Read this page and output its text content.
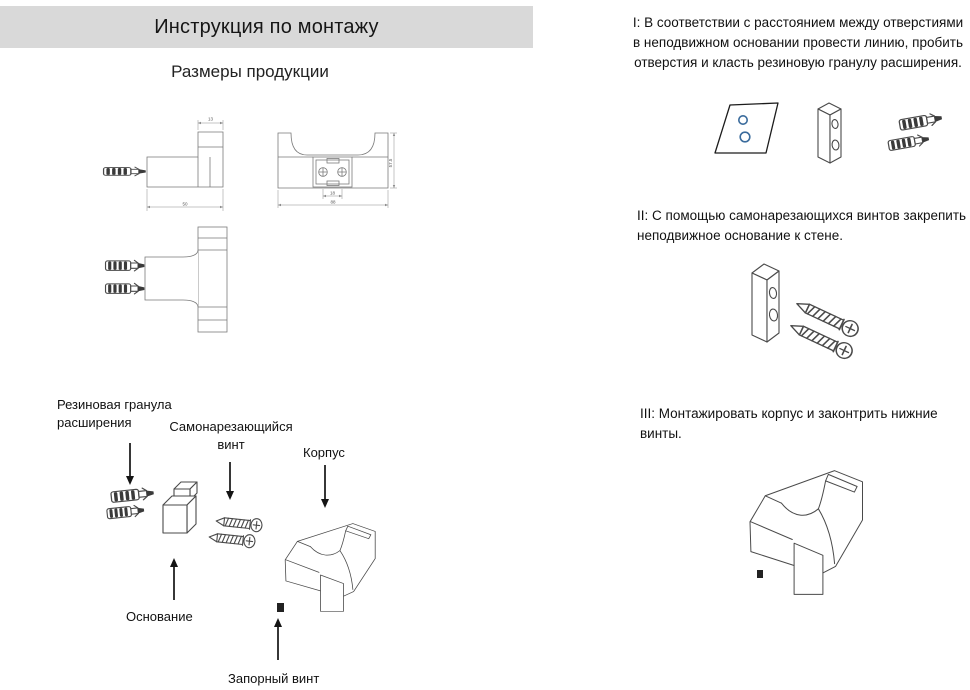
Инструкция по монтажу
Размеры продукции
13
50
57.5
18
88
Резиновая гранула расширения	Самонарезающийся винт
Корпус
Основание
Запорный винт
I: В соответствии с расстоянием между отверстиями в неподвижном основании провести линию, пробить отверстия и класть резиновую гранулу расширения.
II: С помощью самонарезающихся винтов закрепить неподвижное основание к стене.
III: Монтажировать корпус и законтрить нижние винты.
